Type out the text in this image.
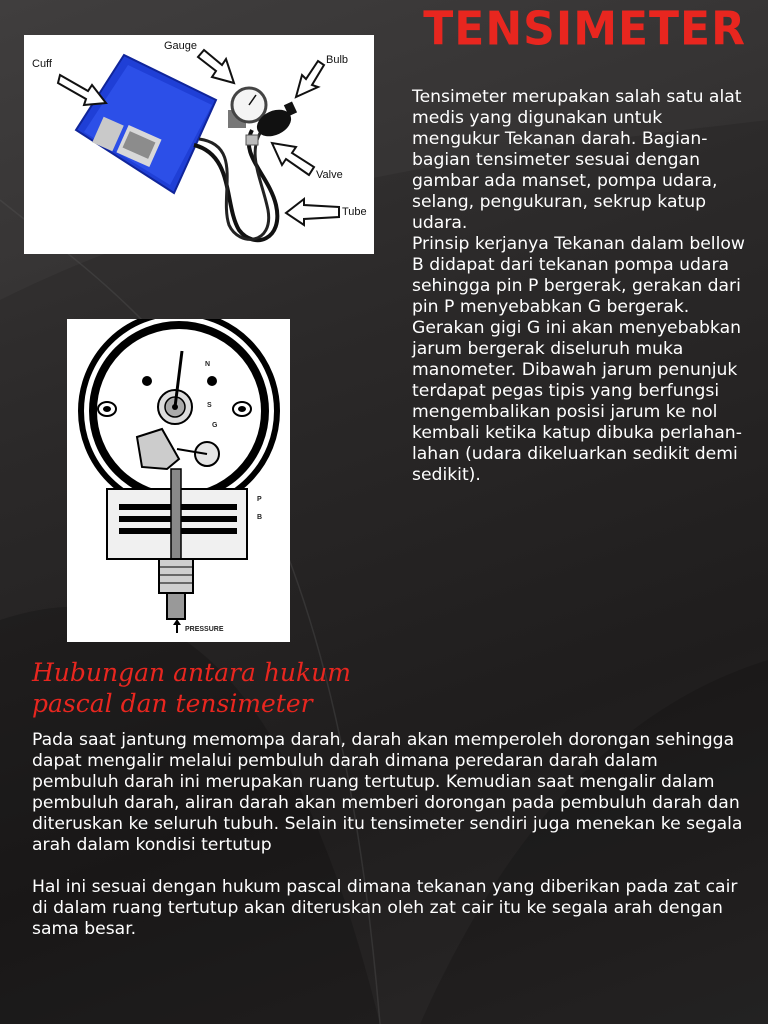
TENSIMETER
Cuff
Gauge
Bulb
Valve
Tube
N
S
G
P
B
PRESSURE

Tensimeter merupakan salah satu alat medis yang digunakan untuk mengukur Tekanan darah. Bagian-bagian tensimeter sesuai dengan gambar ada manset, pompa udara, selang, pengukuran, sekrup katup udara.

Prinsip kerjanya Tekanan dalam bellow B didapat dari tekanan pompa udara sehingga pin P bergerak, gerakan dari pin P menyebabkan G bergerak. Gerakan gigi G ini akan menyebabkan jarum bergerak diseluruh muka manometer. Dibawah jarum penunjuk terdapat pegas tipis yang berfungsi mengembalikan posisi jarum ke nol kembali ketika katup dibuka perlahan-lahan (udara dikeluarkan sedikit demi sedikit).

Hubungan antara hukum pascal dan tensimeter

Pada saat jantung memompa darah, darah akan memperoleh dorongan sehingga dapat mengalir melalui pembuluh darah dimana peredaran darah dalam pembuluh darah ini merupakan ruang tertutup. Kemudian saat mengalir dalam pembuluh darah, aliran darah akan memberi dorongan pada pembuluh darah dan diteruskan ke seluruh tubuh. Selain itu tensimeter sendiri juga menekan ke segala arah dalam kondisi tertutup

Hal ini sesuai dengan hukum pascal dimana tekanan yang diberikan pada zat cair di dalam ruang tertutup akan diteruskan oleh zat cair itu ke segala arah dengan sama besar.
